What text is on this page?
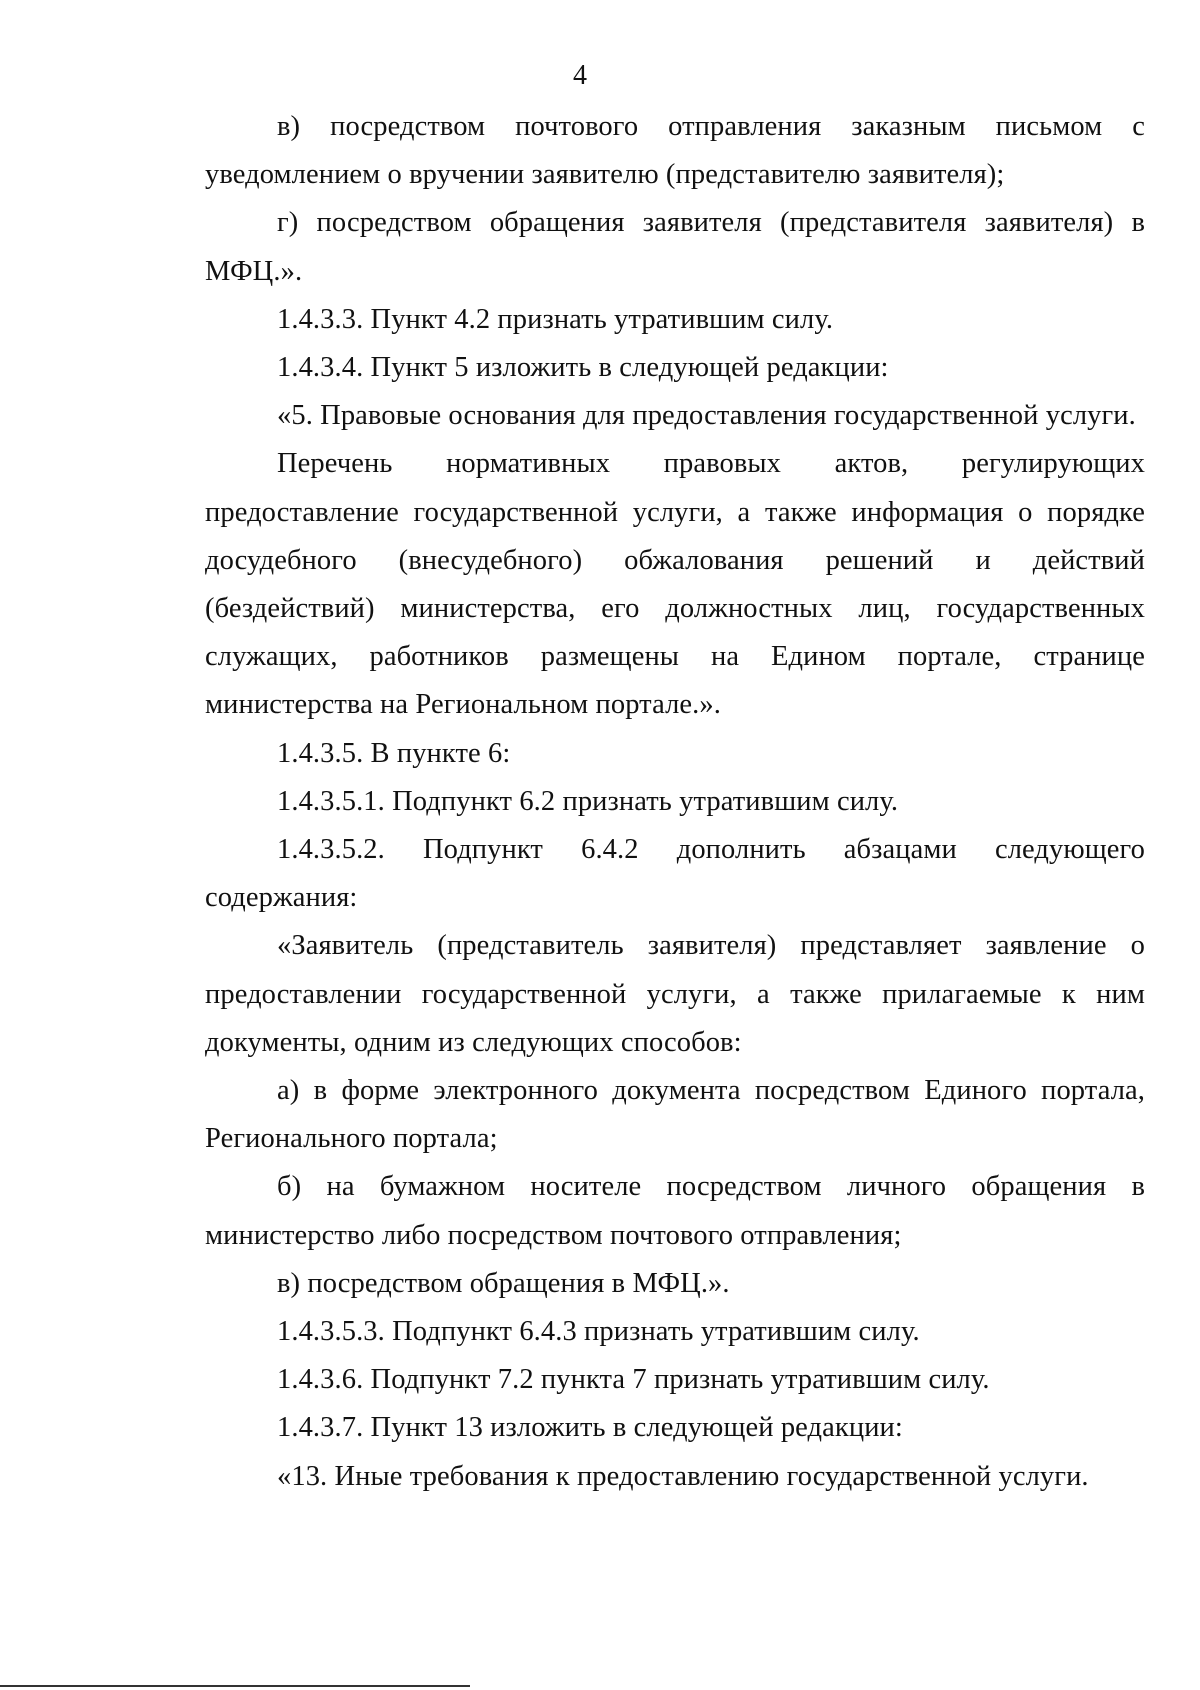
4

в) посредством почтового отправления заказным письмом с уведомлением о вручении заявителю (представителю заявителя);

г) посредством обращения заявителя (представителя заявителя) в МФЦ.».

1.4.3.3. Пункт 4.2 признать утратившим силу.

1.4.3.4. Пункт 5 изложить в следующей редакции:

«5. Правовые основания для предоставления государственной услуги.

Перечень нормативных правовых актов, регулирующих предоставление государственной услуги, а также информация о порядке досудебного (внесудебного) обжалования решений и действий (бездействий) министерства, его должностных лиц, государственных служащих, работников размещены на Едином портале, странице министерства на Региональном портале.».

1.4.3.5. В пункте 6:

1.4.3.5.1. Подпункт 6.2 признать утратившим силу.

1.4.3.5.2. Подпункт 6.4.2 дополнить абзацами следующего содержания:

«Заявитель (представитель заявителя) представляет заявление о предоставлении государственной услуги, а также прилагаемые к ним документы, одним из следующих способов:

а) в форме электронного документа посредством Единого портала, Регионального портала;

б) на бумажном носителе посредством личного обращения в министерство либо посредством почтового отправления;

в) посредством обращения в МФЦ.».

1.4.3.5.3. Подпункт 6.4.3 признать утратившим силу.

1.4.3.6. Подпункт 7.2 пункта 7 признать утратившим силу.

1.4.3.7. Пункт 13 изложить в следующей редакции:

«13. Иные требования к предоставлению государственной услуги.
